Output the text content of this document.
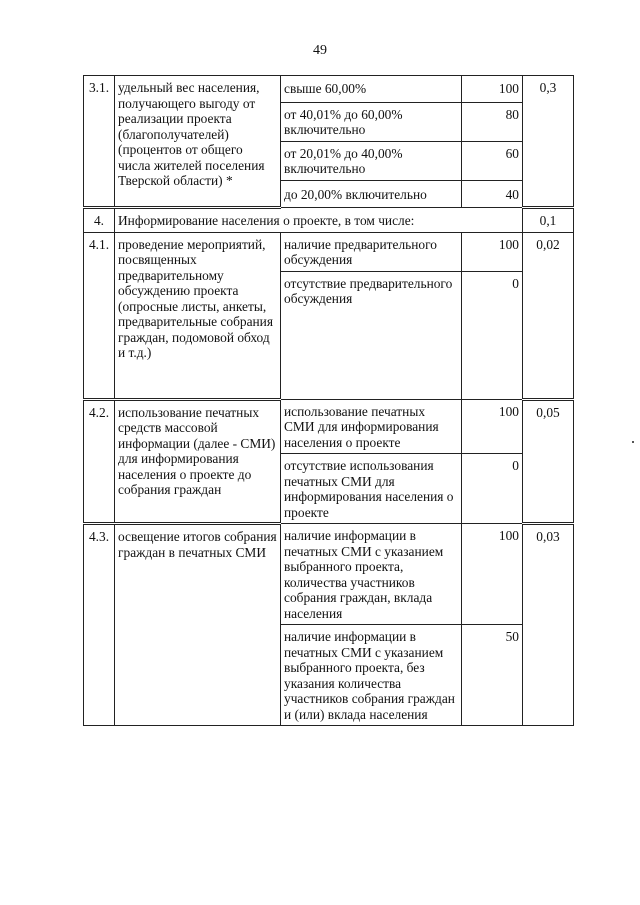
49
3.1.	удельный вес населения, получающего выгоду от реализации проекта (благополучателей) (процентов от общего числа жителей поселения Тверской области) *	свыше 60,00%	100	0,3
		от 40,01% до 60,00% включительно	80	
		от 20,01% до 40,00% включительно	60	
		до 20,00% включительно	40	
4.	Информирование населения о проекте, в том числе:			0,1
4.1.	проведение мероприятий, посвященных предварительному обсуждению проекта (опросные листы, анкеты, предварительные собрания граждан, подомовой обход и т.д.)	наличие предварительного обсуждения	100	0,02
		отсутствие предварительного обсуждения	0	
4.2.	использование печатных средств массовой информации (далее - СМИ) для информирования населения о проекте до собрания граждан	использование печатных СМИ для информирования населения о проекте	100	0,05
		отсутствие использования печатных СМИ для информирования населения о проекте	0	
4.3.	освещение итогов собрания граждан в печатных СМИ	наличие информации в печатных СМИ с указанием выбранного проекта, количества участников собрания граждан, вклада населения	100	0,03
		наличие информации в печатных СМИ с указанием выбранного проекта, без указания количества участников собрания граждан и (или) вклада населения	50	
